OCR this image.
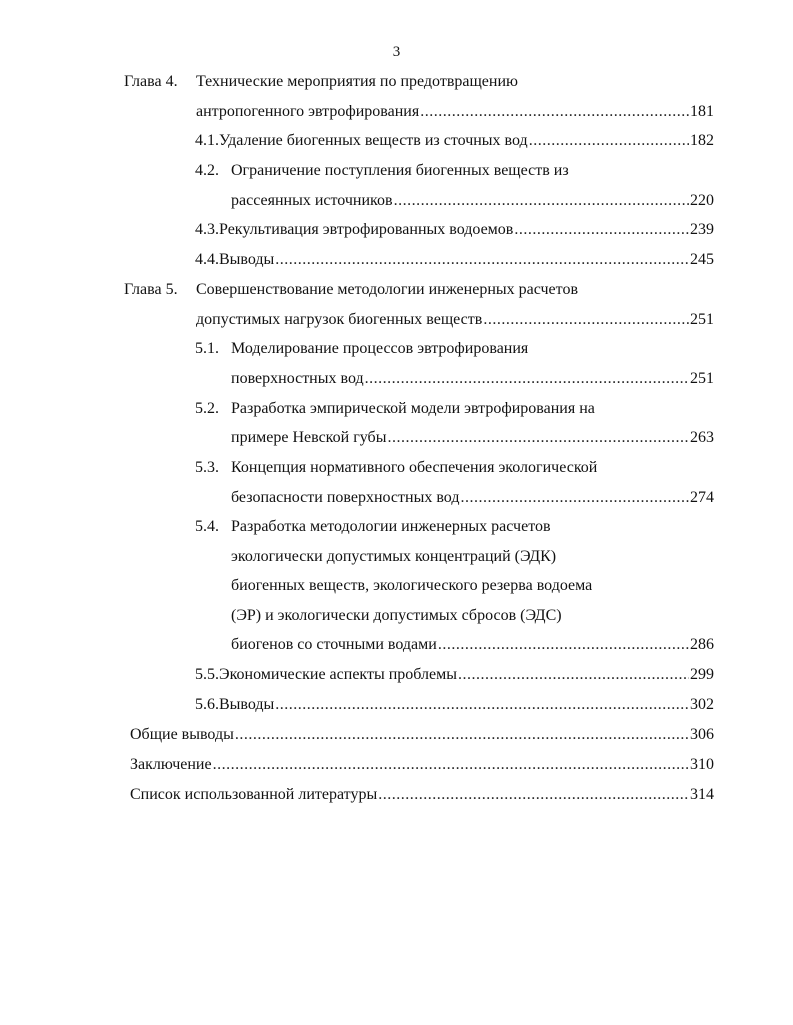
3
Глава 4. Технические мероприятия по предотвращению
антропогенного эвтрофирования .....	181
4.1. Удаление биогенных веществ из сточных вод .....	182
4.2. Ограничение поступления биогенных веществ из
рассеянных источников .....	220
4.3. Рекультивация эвтрофированных водоемов .....	239
4.4. Выводы .....	245
Глава 5. Совершенствование методологии инженерных расчетов
допустимых нагрузок биогенных веществ .....	251
5.1. Моделирование процессов эвтрофирования
поверхностных вод .....	251
5.2. Разработка эмпирической модели эвтрофирования на
примере Невской губы .....	263
5.3. Концепция нормативного обеспечения экологической
безопасности поверхностных вод .....	274
5.4. Разработка методологии инженерных расчетов
экологически допустимых концентраций (ЭДК)
биогенных веществ, экологического резерва водоема
(ЭР) и экологически допустимых сбросов (ЭДС)
биогенов со сточными водами .....	286
5.5. Экономические аспекты проблемы .....	299
5.6. Выводы .....	302
Общие выводы .....	306
Заключение .....	310
Список использованной литературы .....	314
